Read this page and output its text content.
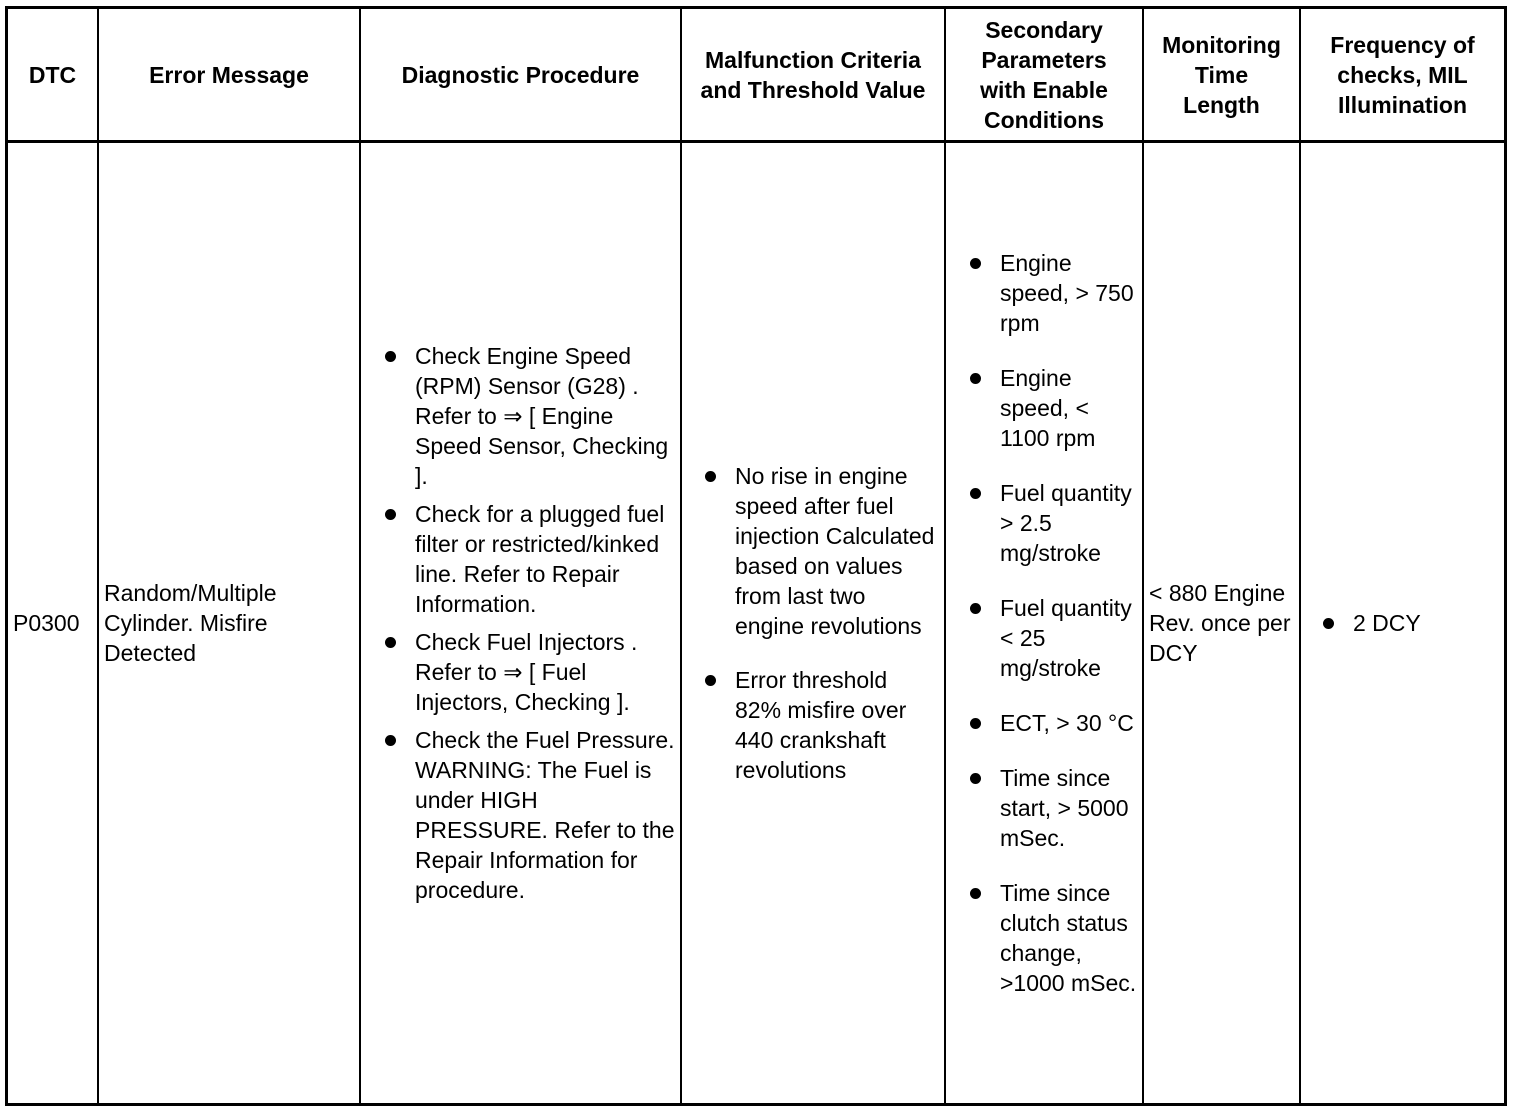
DTC	Error Message	Diagnostic Procedure
Malfunction Criteria and Threshold Value
Secondary Parameters with Enable Conditions
Monitoring Time Length
Frequency of checks, MIL Illumination
P0300
Random/Multiple Cylinder. Misfire Detected
Check Engine Speed (RPM) Sensor (G28) . Refer to ⇒ [ Engine Speed Sensor, Checking ].
Check for a plugged fuel filter or restricted/kinked line. Refer to Repair Information.
Check Fuel Injectors . Refer to ⇒ [ Fuel Injectors, Checking ].
Check the Fuel Pressure. WARNING: The Fuel is under HIGH PRESSURE. Refer to the Repair Information for procedure.
No rise in engine speed after fuel injection Calculated based on values from last two engine revolutions
Error threshold 82% misfire over 440 crankshaft revolutions
Engine speed, > 750 rpm
Engine speed, < 1100 rpm
Fuel quantity > 2.5 mg/stroke
Fuel quantity < 25 mg/stroke
ECT, > 30 °C
Time since start, > 5000 mSec.
Time since clutch status change, >1000 mSec.
< 880 Engine Rev. once per DCY
2 DCY
